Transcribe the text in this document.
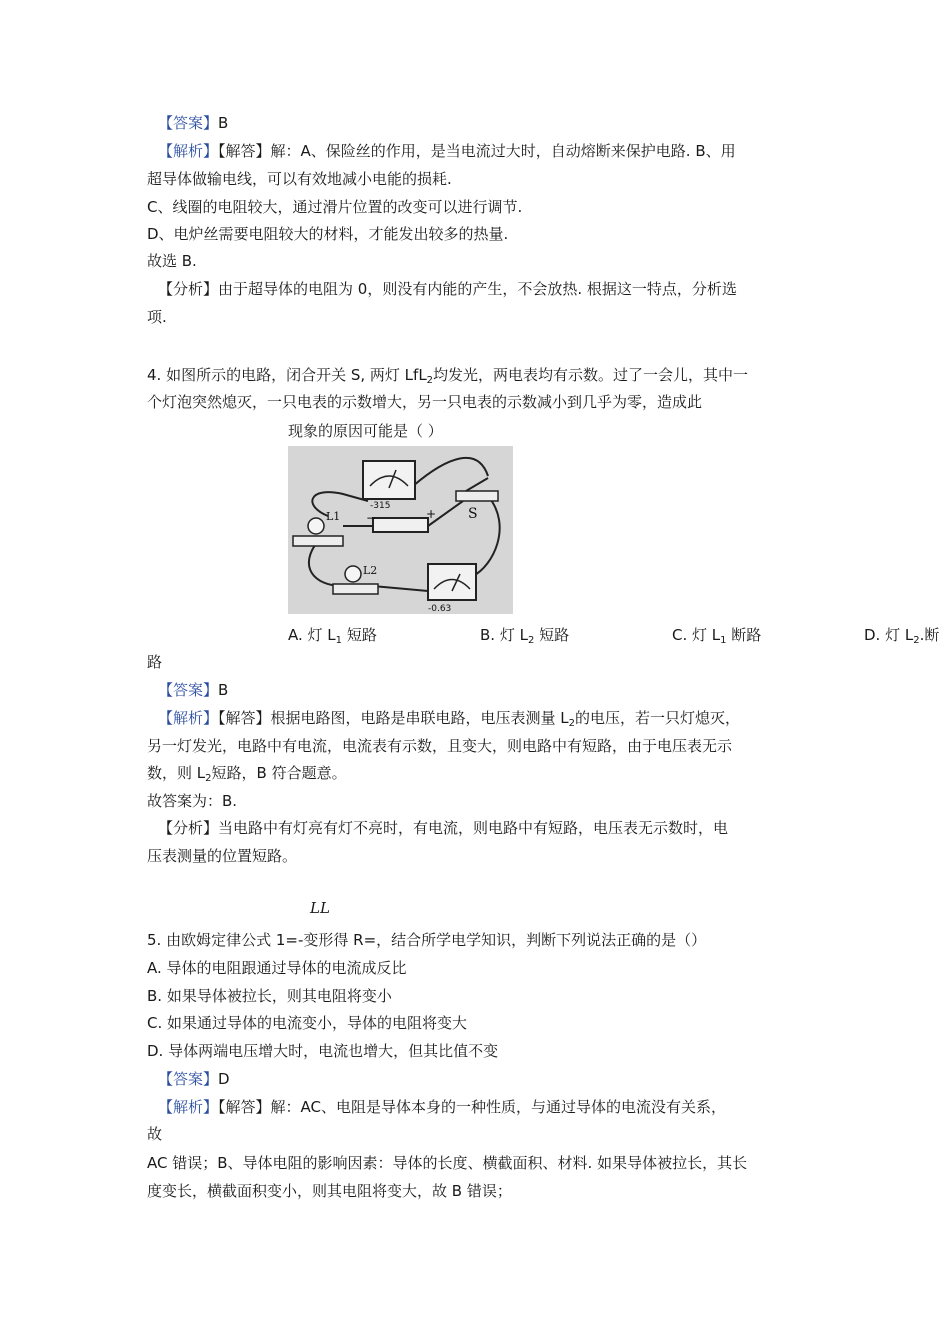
【答案】B
【解析】【解答】解：A、保险丝的作用，是当电流过大时，自动熔断来保护电路. B、用
超导体做输电线，可以有效地减小电能的损耗.
C、线圈的电阻较大，通过滑片位置的改变可以进行调节.
D、电炉丝需要电阻较大的材料，才能发出较多的热量.
故选 B.
【分析】由于超导体的电阻为 0，则没有内能的产生，不会放热. 根据这一特点，分析选
项.
4. 如图所示的电路，闭合开关 S, 两灯 LfL$_2$均发光，两电表均有示数。过了一会儿，其中一
个灯泡突然熄灭，一只电表的示数增大，另一只电表的示数减小到几乎为零，造成此
现象的原因可能是（ ）
-315	S
−	+
L1
L2
-0.63
A. 灯 $L_1$ 短路	B. 灯 $L_2$ 短路	C. 灯 $L_1$ 断路	D. 灯 $L_2$.断
路
【答案】B
【解析】【解答】根据电路图，电路是串联电路，电压表测量 $L_2$的电压，若一只灯熄灭，
另一灯发光，电路中有电流，电流表有示数，且变大，则电路中有短路，由于电压表无示
数，则 $L_2$短路，B 符合题意。
故答案为：B.
【分析】当电路中有灯亮有灯不亮时，有电流，则电路中有短路，电压表无示数时，电
压表测量的位置短路。
LL
5. 由欧姆定律公式 1=-变形得 R=，结合所学电学知识，判断下列说法正确的是（）
A. 导体的电阻跟通过导体的电流成反比
B. 如果导体被拉长，则其电阻将变小
C. 如果通过导体的电流变小，导体的电阻将变大
D. 导体两端电压增大时，电流也增大，但其比值不变
【答案】D
【解析】【解答】解：AC、电阻是导体本身的一种性质，与通过导体的电流没有关系，
故
AC 错误；B、导体电阻的影响因素：导体的长度、横截面积、材料. 如果导体被拉长，其长
度变长，横截面积变小，则其电阻将变大，故 B 错误；
